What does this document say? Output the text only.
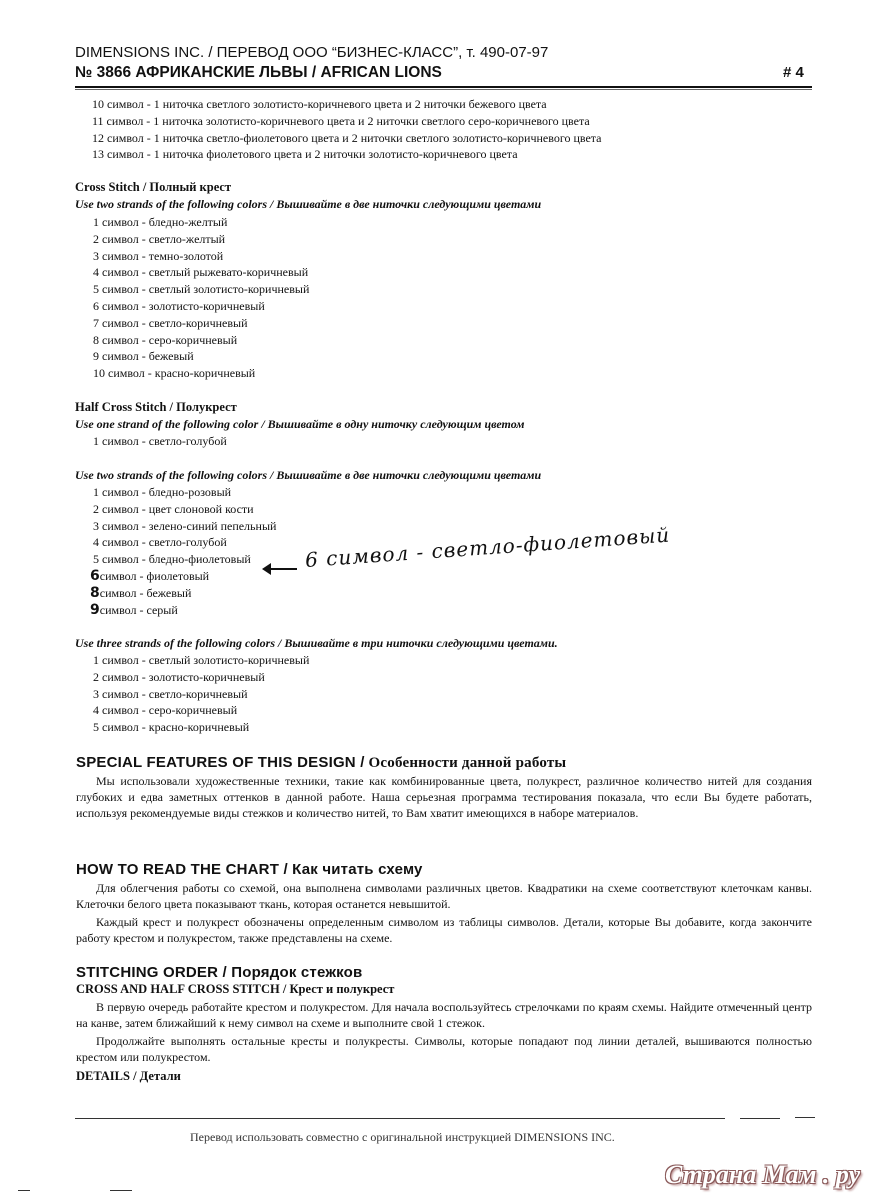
DIMENSIONS INC. / ПЕРЕВОД ООО “БИЗНЕС-КЛАСС”, т. 490-07-97
№ 3866 АФРИКАНСКИЕ ЛЬВЫ / AFRICAN LIONS	# 4
10 символ - 1 ниточка светлого золотисто-коричневого цвета и 2 ниточки бежевого цвета
11 символ - 1 ниточка золотисто-коричневого цвета и 2 ниточки светлого серо-коричневого цвета
12 символ - 1 ниточка светло-фиолетового цвета и 2 ниточки светлого золотисто-коричневого цвета
13 символ - 1 ниточка фиолетового цвета и 2 ниточки золотисто-коричневого цвета
Cross Stitch / Полный крест
Use two strands of the following colors / Вышивайте в две ниточки следующими цветами
1 символ - бледно-желтый
2 символ - светло-желтый
3 символ - темно-золотой
4 символ - светлый рыжевато-коричневый
5 символ - светлый золотисто-коричневый
6 символ - золотисто-коричневый
7 символ - светло-коричневый
8 символ - серо-коричневый
9 символ - бежевый
10 символ - красно-коричневый
Half Cross Stitch / Полукрест
Use one strand of the following color / Вышивайте в одну ниточку следующим цветом
1 символ - светло-голубой
Use two strands of the following colors / Вышивайте в две ниточки следующими цветами
1 символ - бледно-розовый
2 символ - цвет слоновой кости
3 символ - зелено-синий пепельный
4 символ - светло-голубой
5 символ - бледно-фиолетовый	6 символ - светло-фиолетовый
6символ - фиолетовый
8символ - бежевый
9символ - серый
Use three strands of the following colors / Вышивайте в три ниточки следующими цветами.
1 символ - светлый золотисто-коричневый
2 символ - золотисто-коричневый
3 символ - светло-коричневый
4 символ - серо-коричневый
5 символ - красно-коричневый
SPECIAL FEATURES OF THIS DESIGN / Особенности данной работы
Мы использовали художественные техники, такие как комбинированные цвета, полукрест, различное количество нитей для создания глубоких и едва заметных оттенков в данной работе. Наша серьезная программа тестирования показала, что если Вы будете работать, используя рекомендуемые виды стежков и количество нитей, то Вам хватит имеющихся в наборе материалов.
HOW TO READ THE CHART / Как читать схему
Для облегчения работы со схемой, она выполнена символами различных цветов. Квадратики на схеме соответствуют клеточкам канвы. Клеточки белого цвета показывают ткань, которая останется невышитой.
Каждый крест и полукрест обозначены определенным символом из таблицы символов. Детали, которые Вы добавите, когда закончите работу крестом и полукрестом, также представлены на схеме.
STITCHING ORDER / Порядок стежков
CROSS AND HALF CROSS STITCH / Крест и полукрест
В первую очередь работайте крестом и полукрестом. Для начала воспользуйтесь стрелочками по краям схемы. Найдите отмеченный центр на канве, затем ближайший к нему символ на схеме и выполните свой 1 стежок.
Продолжайте выполнять остальные кресты и полукресты. Символы, которые попадают под линии деталей, вышиваются полностью крестом или полукрестом.
DETAILS / Детали
Перевод использовать совместно с оригинальной инструкцией DIMENSIONS INC.
Страна Мам . ру
